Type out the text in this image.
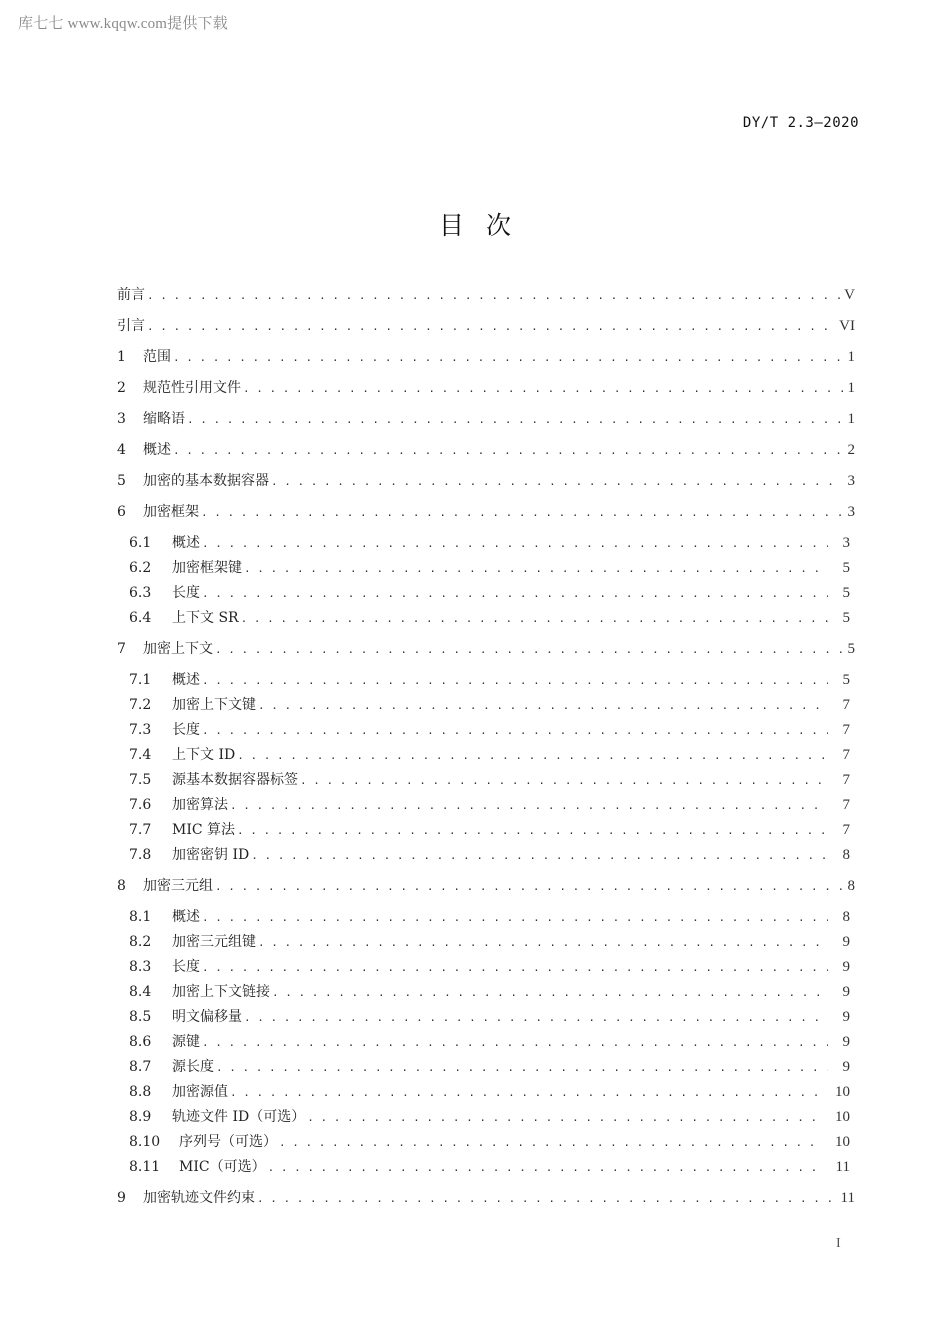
库七七 www.kqqw.com提供下载
DY/T 2.3—2020
目次
前言 . . .	V
引言 . . .	VI
1	范围 . . .	1
2	规范性引用文件 . . .	1
3	缩略语 . . .	1
4	概述 . . .	2
5	加密的基本数据容器 . . .	3
6	加密框架 . . .	3
6.1	概述 . . .	3
6.2	加密框架键 . . .	5
6.3	长度 . . .	5
6.4	上下文 SR . . .	5
7	加密上下文 . . .	5
7.1	概述 . . .	5
7.2	加密上下文键 . . .	7
7.3	长度 . . .	7
7.4	上下文 ID . . .	7
7.5	源基本数据容器标签 . . .	7
7.6	加密算法 . . .	7
7.7	MIC 算法 . . .	7
7.8	加密密钥 ID . . .	8
8	加密三元组 . . .	8
8.1	概述 . . .	8
8.2	加密三元组键 . . .	9
8.3	长度 . . .	9
8.4	加密上下文链接 . . .	9
8.5	明文偏移量 . . .	9
8.6	源键 . . .	9
8.7	源长度 . . .	9
8.8	加密源值 . . .	10
8.9	轨迹文件 ID（可选） . . .	10
8.10	序列号（可选） . . .	10
8.11	MIC（可选） . . .	11
9	加密轨迹文件约束 . . .	11
I
